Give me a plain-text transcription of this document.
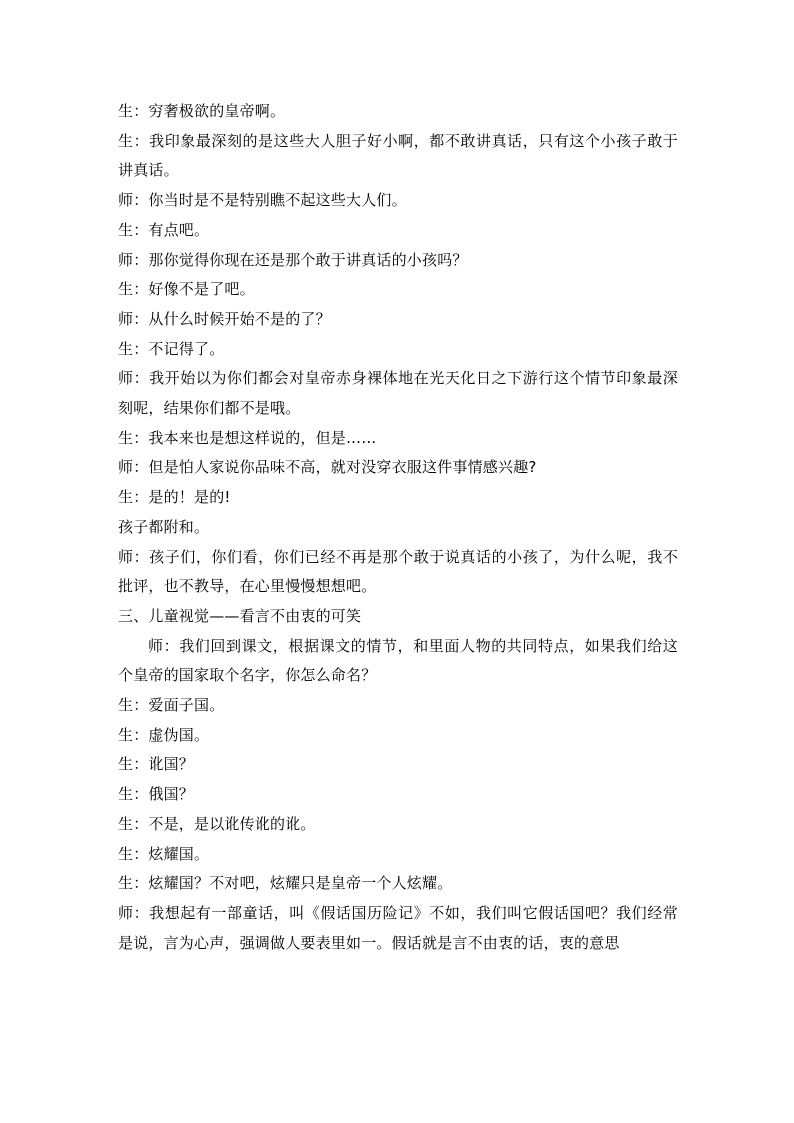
生：穷奢极欲的皇帝啊。

生：我印象最深刻的是这些大人胆子好小啊，都不敢讲真话，只有这个小孩子敢于讲真话。

师：你当时是不是特别瞧不起这些大人们。

生：有点吧。

师：那你觉得你现在还是那个敢于讲真话的小孩吗？

生：好像不是了吧。

师：从什么时候开始不是的了？

生：不记得了。

师：我开始以为你们都会对皇帝赤身裸体地在光天化日之下游行这个情节印象最深刻呢，结果你们都不是哦。

生：我本来也是想这样说的，但是……

师：但是怕人家说你品味不高，就对没穿衣服这件事情感兴趣?

生：是的！是的!

孩子都附和。

师：孩子们，你们看，你们已经不再是那个敢于说真话的小孩了，为什么呢，我不批评，也不教导，在心里慢慢想想吧。

三、儿童视觉——看言不由衷的可笑

师：我们回到课文，根据课文的情节，和里面人物的共同特点，如果我们给这个皇帝的国家取个名字，你怎么命名？

生：爱面子国。

生：虚伪国。

生：讹国？

生：俄国？

生：不是，是以讹传讹的讹。

生：炫耀国。

生：炫耀国？不对吧，炫耀只是皇帝一个人炫耀。

师：我想起有一部童话，叫《假话国历险记》不如，我们叫它假话国吧？我们经常是说，言为心声，强调做人要表里如一。假话就是言不由衷的话，衷的意思
